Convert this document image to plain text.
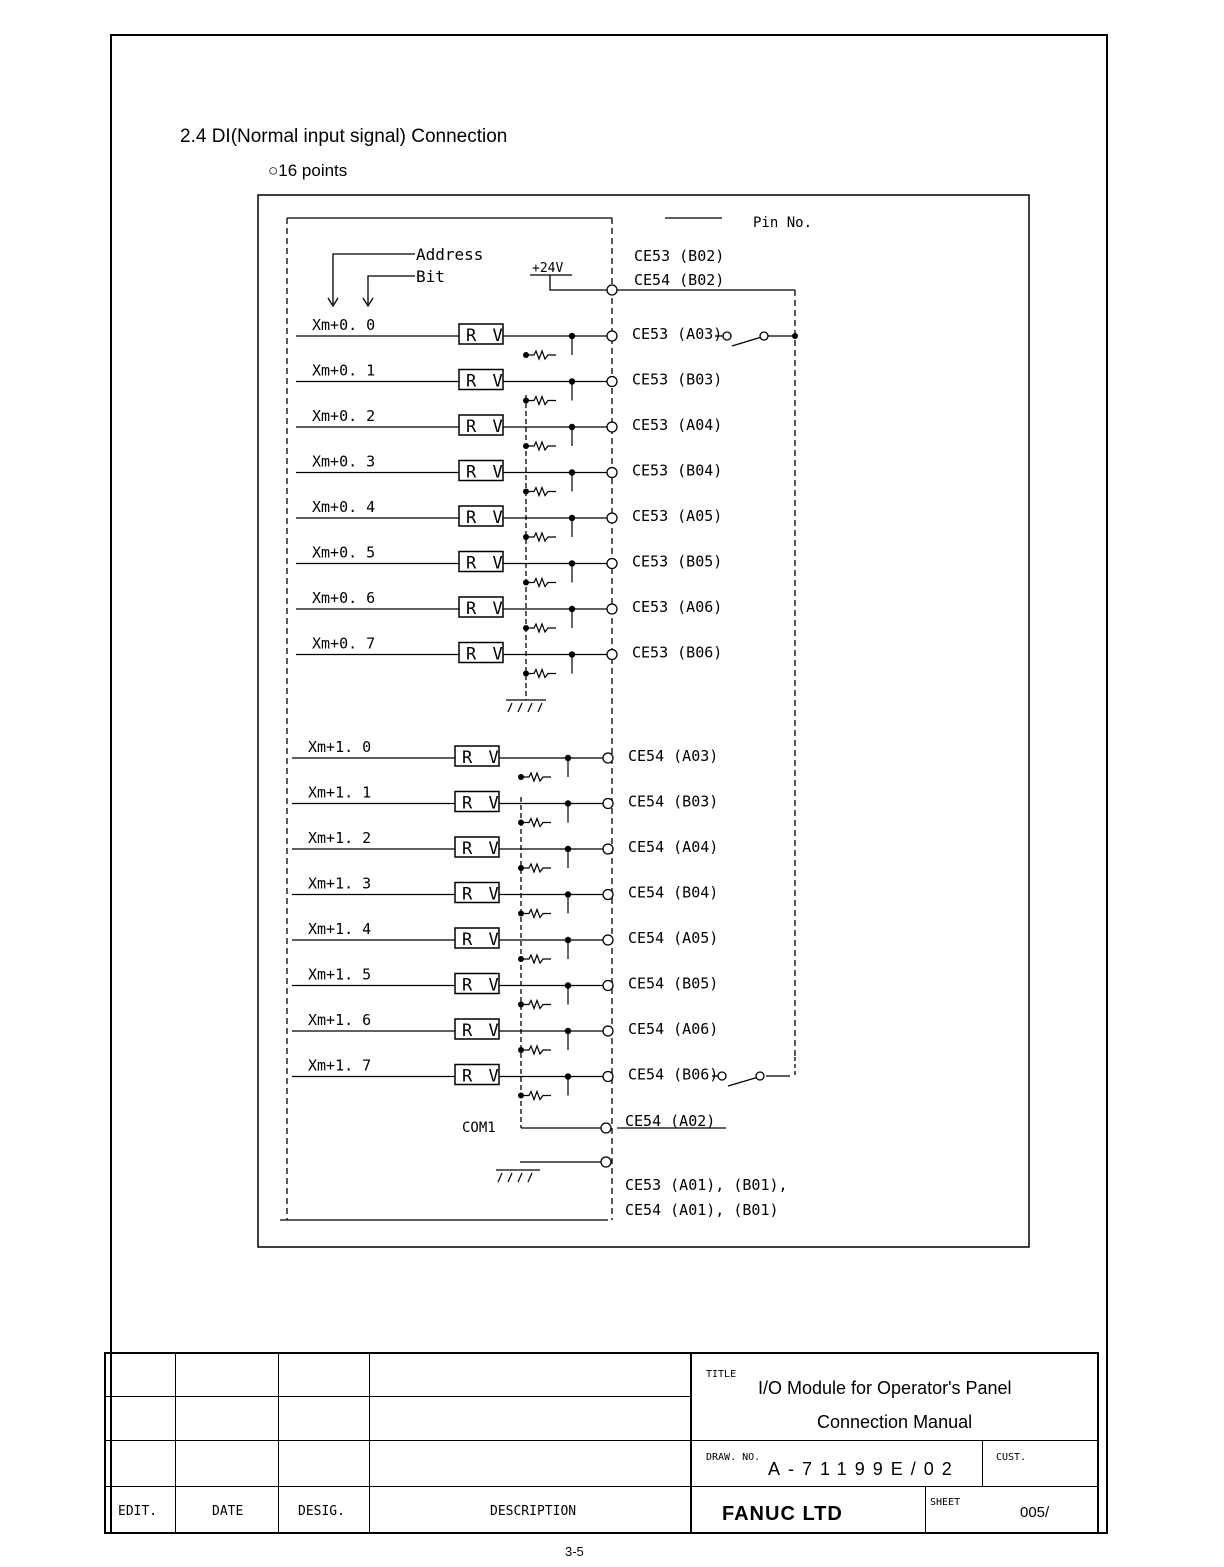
2.4 DI(Normal input signal) Connection
○16 points
Pin No.
Address
Bit	+24V
CE53 (B02)
CE54 (B02)
COM1	CE54 (A02)
CE53 (A01), (B01),
CE54 (A01), (B01)
R V
Xm+0. 0	CE53 (A03)
R V
Xm+0. 1	CE53 (B03)
R V
Xm+0. 2	CE53 (A04)
R V
Xm+0. 3	CE53 (B04)
R V
Xm+0. 4	CE53 (A05)
R V
Xm+0. 5	CE53 (B05)
R V
Xm+0. 6	CE53 (A06)
R V
Xm+0. 7	CE53 (B06)
R V
Xm+1. 0	CE54 (A03)
R V
Xm+1. 1	CE54 (B03)
R V
Xm+1. 2	CE54 (A04)
R V
Xm+1. 3	CE54 (B04)
R V
Xm+1. 4	CE54 (A05)
R V
Xm+1. 5	CE54 (B05)
R V
Xm+1. 6	CE54 (A06)
R V
Xm+1. 7	CE54 (B06)
TITLE
I/O Module for Operator's Panel
Connection Manual
DRAW. NO.
A-71199E/02
CUST.
FANUC LTD
SHEET
005/
EDIT.	DATE	DESIG.	DESCRIPTION
3-5
